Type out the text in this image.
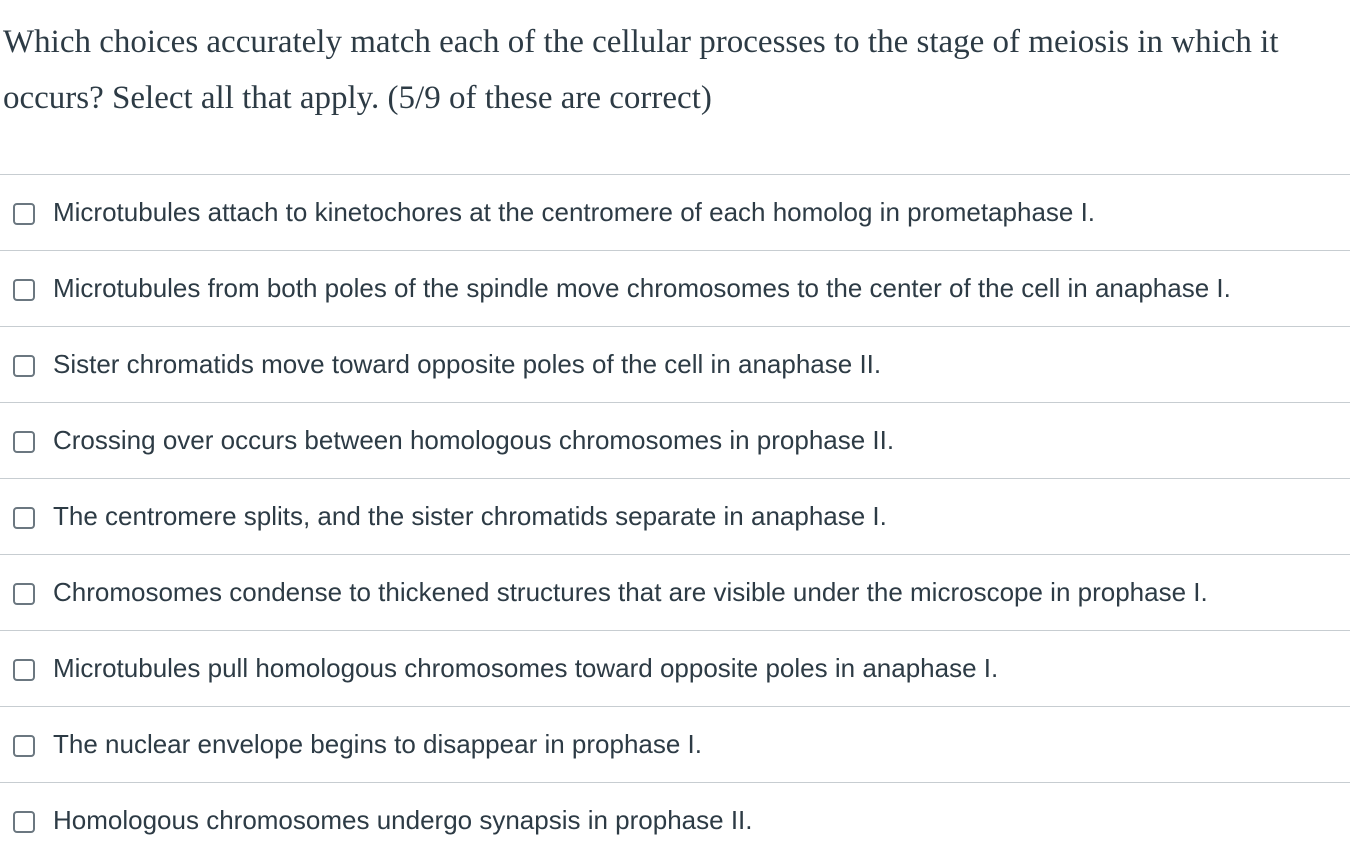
Which choices accurately match each of the cellular processes to the stage of meiosis in which it occurs? Select all that apply. (5/9 of these are correct)

Microtubules attach to kinetochores at the centromere of each homolog in prometaphase I.
Microtubules from both poles of the spindle move chromosomes to the center of the cell in anaphase I.
Sister chromatids move toward opposite poles of the cell in anaphase II.
Crossing over occurs between homologous chromosomes in prophase II.
The centromere splits, and the sister chromatids separate in anaphase I.
Chromosomes condense to thickened structures that are visible under the microscope in prophase I.
Microtubules pull homologous chromosomes toward opposite poles in anaphase I.
The nuclear envelope begins to disappear in prophase I.
Homologous chromosomes undergo synapsis in prophase II.
